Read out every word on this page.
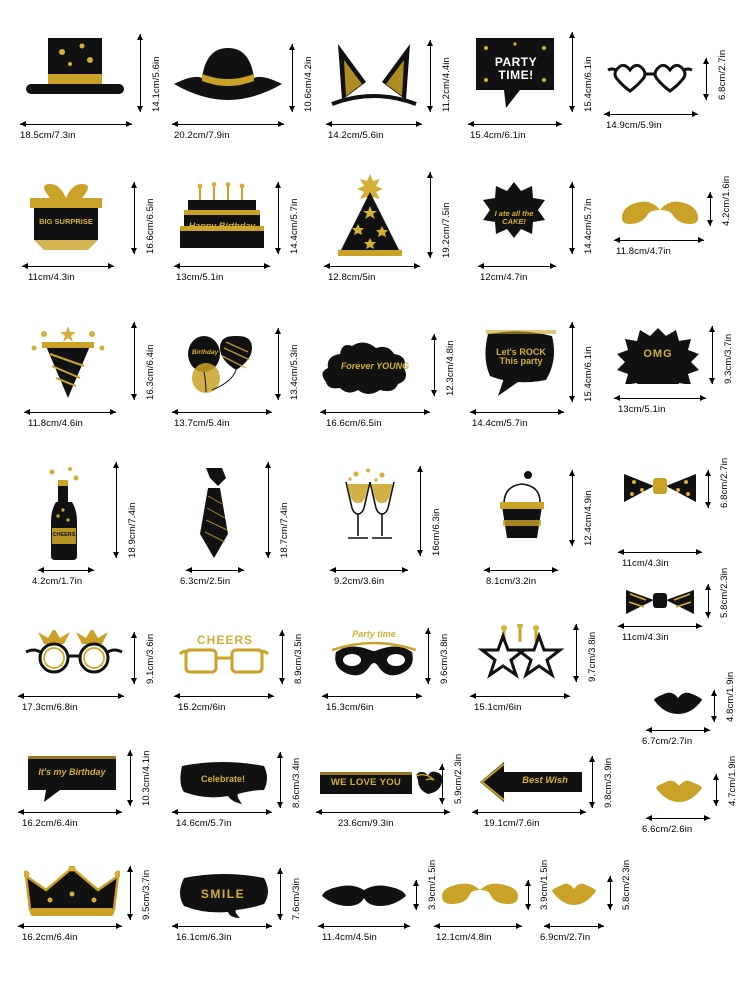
18.5cm/7.3in
14.1cm/5.6in
20.2cm/7.9in
10.6cm/4.2in
14.2cm/5.6in
11.2cm/4.4in	PARTY TIME!
15.4cm/6.1in
15.4cm/6.1in
14.9cm/5.9in
6.8cm/2.7in
BIG SURPRISE
11cm/4.3in
16.6cm/6.5in	Happy Birthday
13cm/5.1in
14.4cm/5.7in
12.8cm/5in
19.2cm/7.5in	I ate all the CAKE!
12cm/4.7in
14.4cm/5.7in 11.8cm/4.7in
4.2cm/1.6in
11.8cm/4.6in
16.3cm/6.4in	Birthday
13.7cm/5.4in
13.4cm/5.3in	Forever YOUNG
16.6cm/6.5in
12.3cm/4.8in	Let's ROCK This party
14.4cm/5.7in
15.4cm/6.1in	OMG
13cm/5.1in
9.3cm/3.7in
CHEERS
4.2cm/1.7in
18.9cm/7.4in
6.3cm/2.5in
18.7cm/7.4in
9.2cm/3.6in
16cm/6.3in
8.1cm/3.2in
12.4cm/4.9in
11cm/4.3in
6.8cm/2.7in
11cm/4.3in
5.8cm/2.3in
17.3cm/6.8in
9.1cm/3.6in	CHEERS
15.2cm/6in
8.9cm/3.5in	Party time
15.3cm/6in
9.6cm/3.8in
15.1cm/6in
9.7cm/3.8in
6.7cm/2.7in
4.8cm/1.9in
It's my Birthday
16.2cm/6.4in
10.3cm/4.1in	Celebrate!
14.6cm/5.7in
8.6cm/3.4in	WE LOVE YOU
23.6cm/9.3in
5.9cm/2.3in	Best Wish
19.1cm/7.6in
9.8cm/3.9in
6.6cm/2.6in
4.7cm/1.9in
16.2cm/6.4in
9.5cm/3.7in	SMILE
16.1cm/6.3in
7.6cm/3in
11.4cm/4.5in
3.9cm/1.5in
12.1cm/4.8in
3.9cm/1.5in
6.9cm/2.7in
5.8cm/2.3in
